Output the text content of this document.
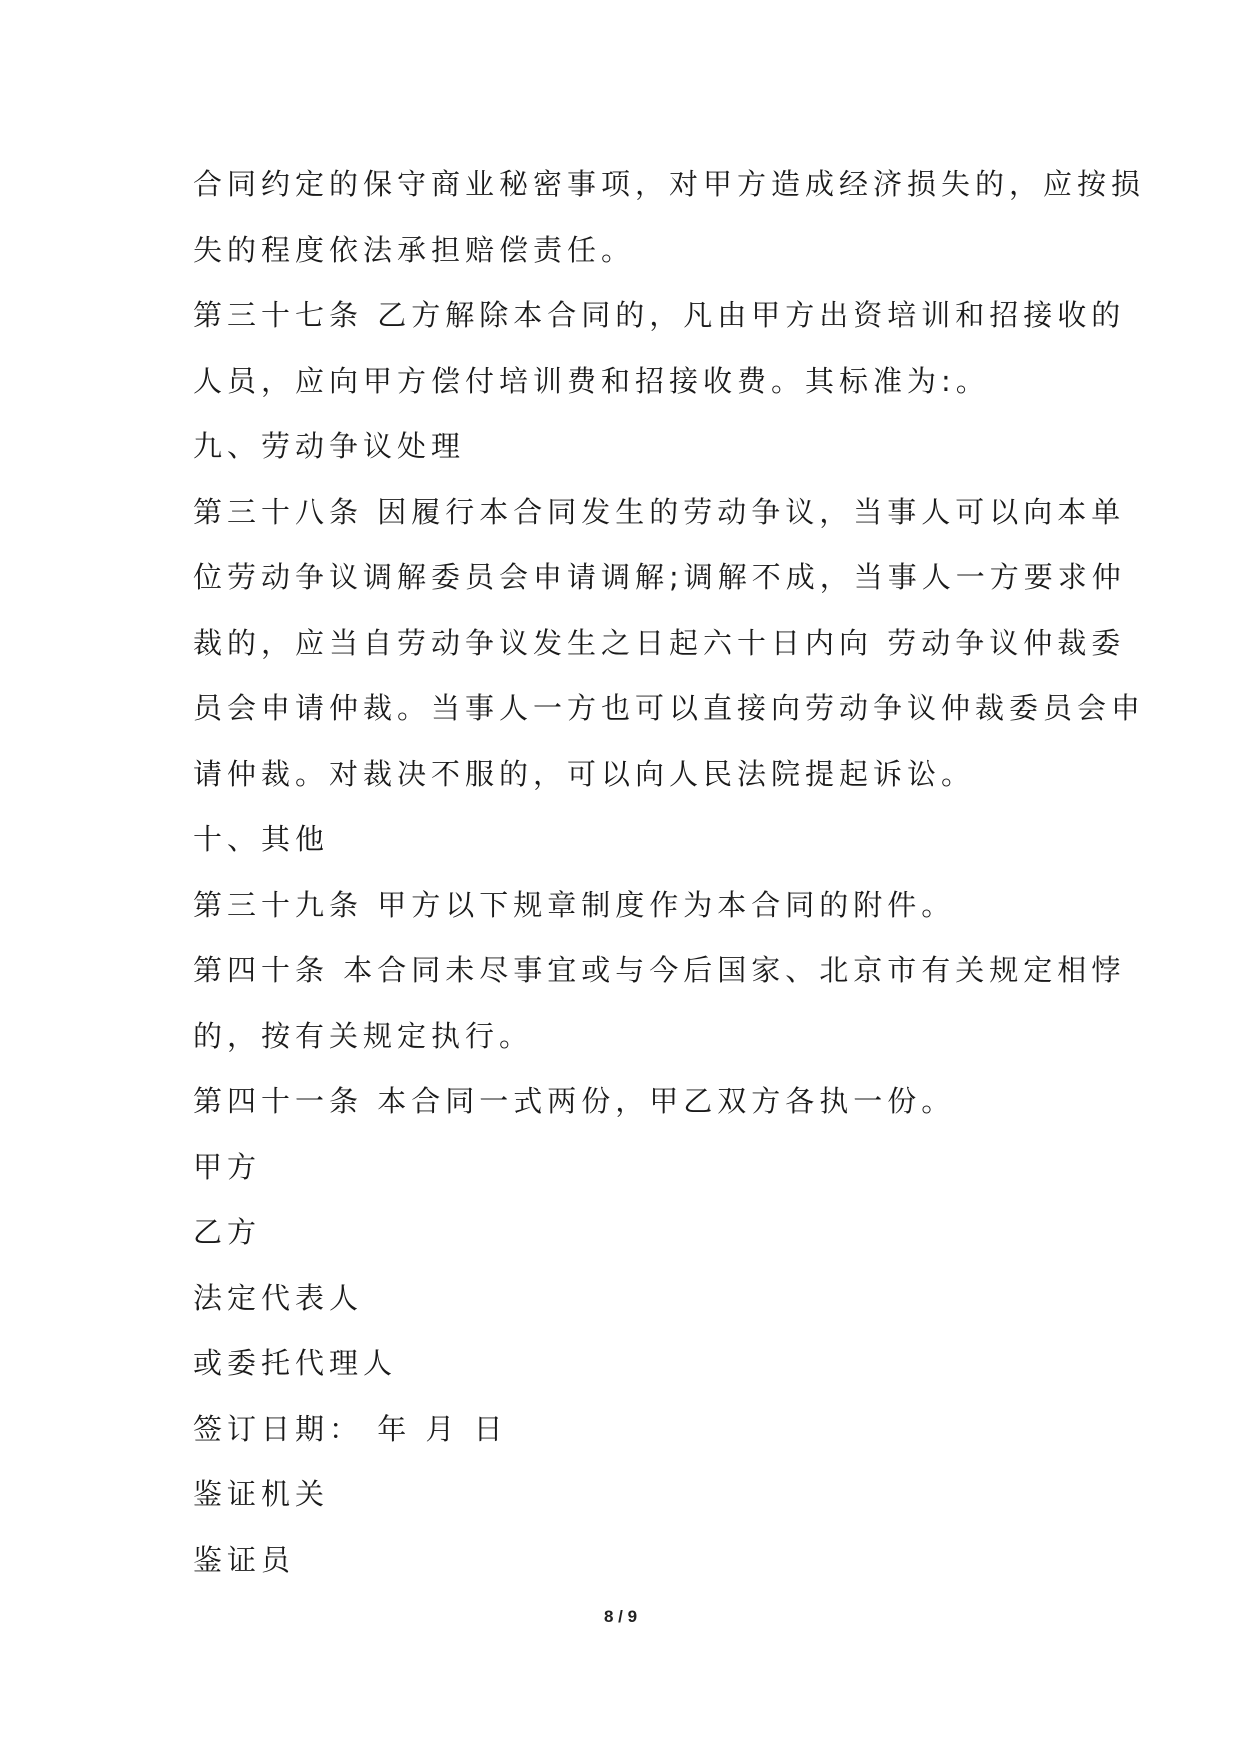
合同约定的保守商业秘密事项，对甲方造成经济损失的，应按损
失的程度依法承担赔偿责任。
第三十七条 乙方解除本合同的，凡由甲方出资培训和招接收的
人员，应向甲方偿付培训费和招接收费。其标准为:。
九、劳动争议处理
第三十八条 因履行本合同发生的劳动争议，当事人可以向本单
位劳动争议调解委员会申请调解;调解不成，当事人一方要求仲
裁的，应当自劳动争议发生之日起六十日内向 劳动争议仲裁委
员会申请仲裁。当事人一方也可以直接向劳动争议仲裁委员会申
请仲裁。对裁决不服的，可以向人民法院提起诉讼。
十、其他
第三十九条 甲方以下规章制度作为本合同的附件。
第四十条 本合同未尽事宜或与今后国家、北京市有关规定相悖
的，按有关规定执行。
第四十一条 本合同一式两份，甲乙双方各执一份。
甲方
乙方
法定代表人
或委托代理人
签订日期： 年 月 日
鉴证机关
鉴证员
8 / 9
